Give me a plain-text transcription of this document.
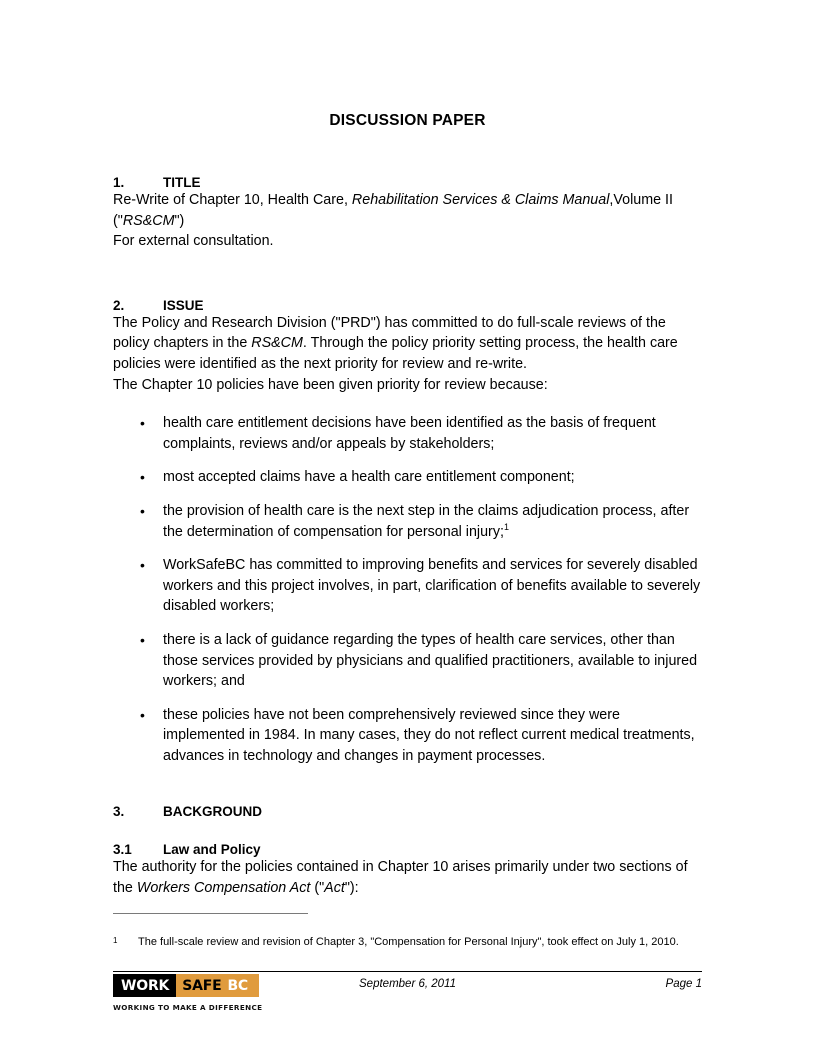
DISCUSSION PAPER
1.	TITLE

Re-Write of Chapter 10, Health Care, Rehabilitation Services & Claims Manual,Volume II ("RS&CM")

For external consultation.

2.	ISSUE

The Policy and Research Division ("PRD") has committed to do full-scale reviews of the policy chapters in the RS&CM. Through the policy priority setting process, the health care policies were identified as the next priority for review and re-write.

The Chapter 10 policies have been given priority for review because:

• health care entitlement decisions have been identified as the basis of frequent complaints, reviews and/or appeals by stakeholders;
• most accepted claims have a health care entitlement component;
• the provision of health care is the next step in the claims adjudication process, after the determination of compensation for personal injury;$^1$
• WorkSafeBC has committed to improving benefits and services for severely disabled workers and this project involves, in part, clarification of benefits available to severely disabled workers;
• there is a lack of guidance regarding the types of health care services, other than those services provided by physicians and qualified practitioners, available to injured workers; and
• these policies have not been comprehensively reviewed since they were implemented in 1984. In many cases, they do not reflect current medical treatments, advances in technology and changes in payment processes.
3.	BACKGROUND
3.1	Law and Policy

The authority for the policies contained in Chapter 10 arises primarily under two sections of the Workers Compensation Act ("Act"):

1	The full-scale review and revision of Chapter 3, "Compensation for Personal Injury", took effect on July 1, 2010.
WORK SAFE BC
WORKING TO MAKE A DIFFERENCE
September 6, 2011	Page 1
